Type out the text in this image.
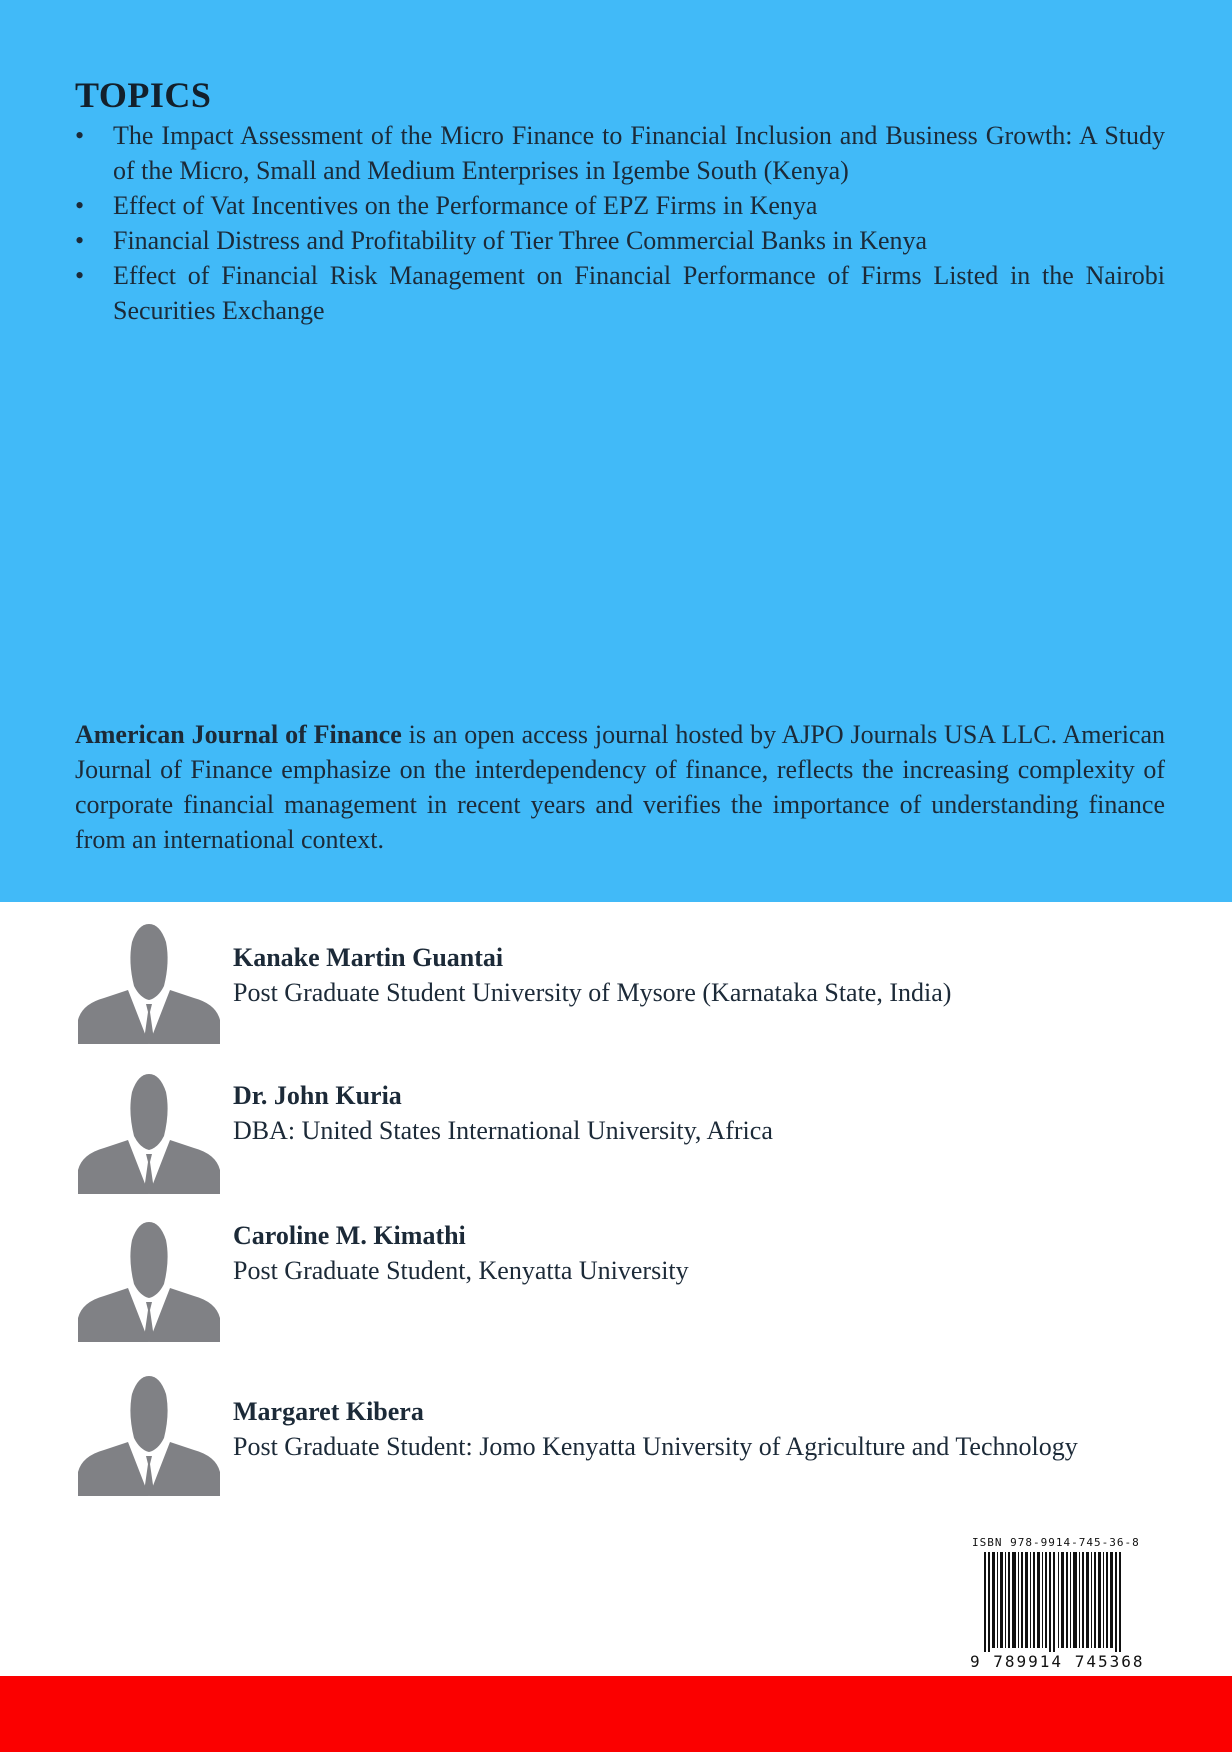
TOPICS
•	The Impact Assessment of the Micro Finance to Financial Inclusion and Business Growth: A Study of the Micro, Small and Medium Enterprises in Igembe South (Kenya)
•	Effect of Vat Incentives on the Performance of EPZ Firms in Kenya
•	Financial Distress and Profitability of Tier Three Commercial Banks in Kenya
•	Effect of Financial Risk Management on Financial Performance of Firms Listed in the Nairobi Securities Exchange

American Journal of Finance is an open access journal hosted by AJPO Journals USA LLC. American Journal of Finance emphasize on the interdependency of finance, reflects the increasing complexity of corporate financial management in recent years and verifies the importance of understanding finance from an international context.

Kanake Martin Guantai
Post Graduate Student University of Mysore (Karnataka State, India)
Dr. John Kuria
DBA: United States International University, Africa
Caroline M. Kimathi
Post Graduate Student, Kenyatta University
Margaret Kibera
Post Graduate Student: Jomo Kenyatta University of Agriculture and Technology
ISBN 978-9914-745-36-8
9 789914 745368
